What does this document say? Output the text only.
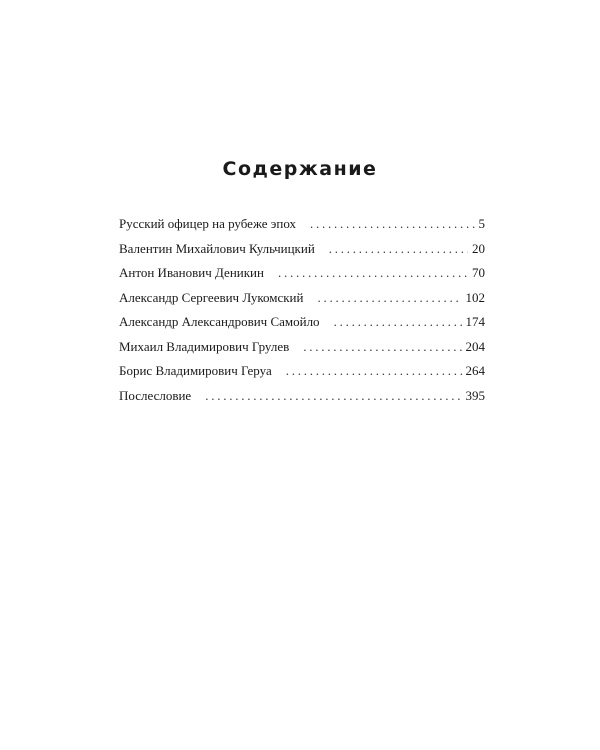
Содержание
Русский офицер на рубеже эпох . . .	5
Валентин Михайлович Кульчицкий . . .	20
Антон Иванович Деникин . . .	70
Александр Сергеевич Лукомский . . .	102
Александр Александрович Самойло . . .	174
Михаил Владимирович Грулев . . .	204
Борис Владимирович Геруа . . .	264
Послесловие . . .	395
